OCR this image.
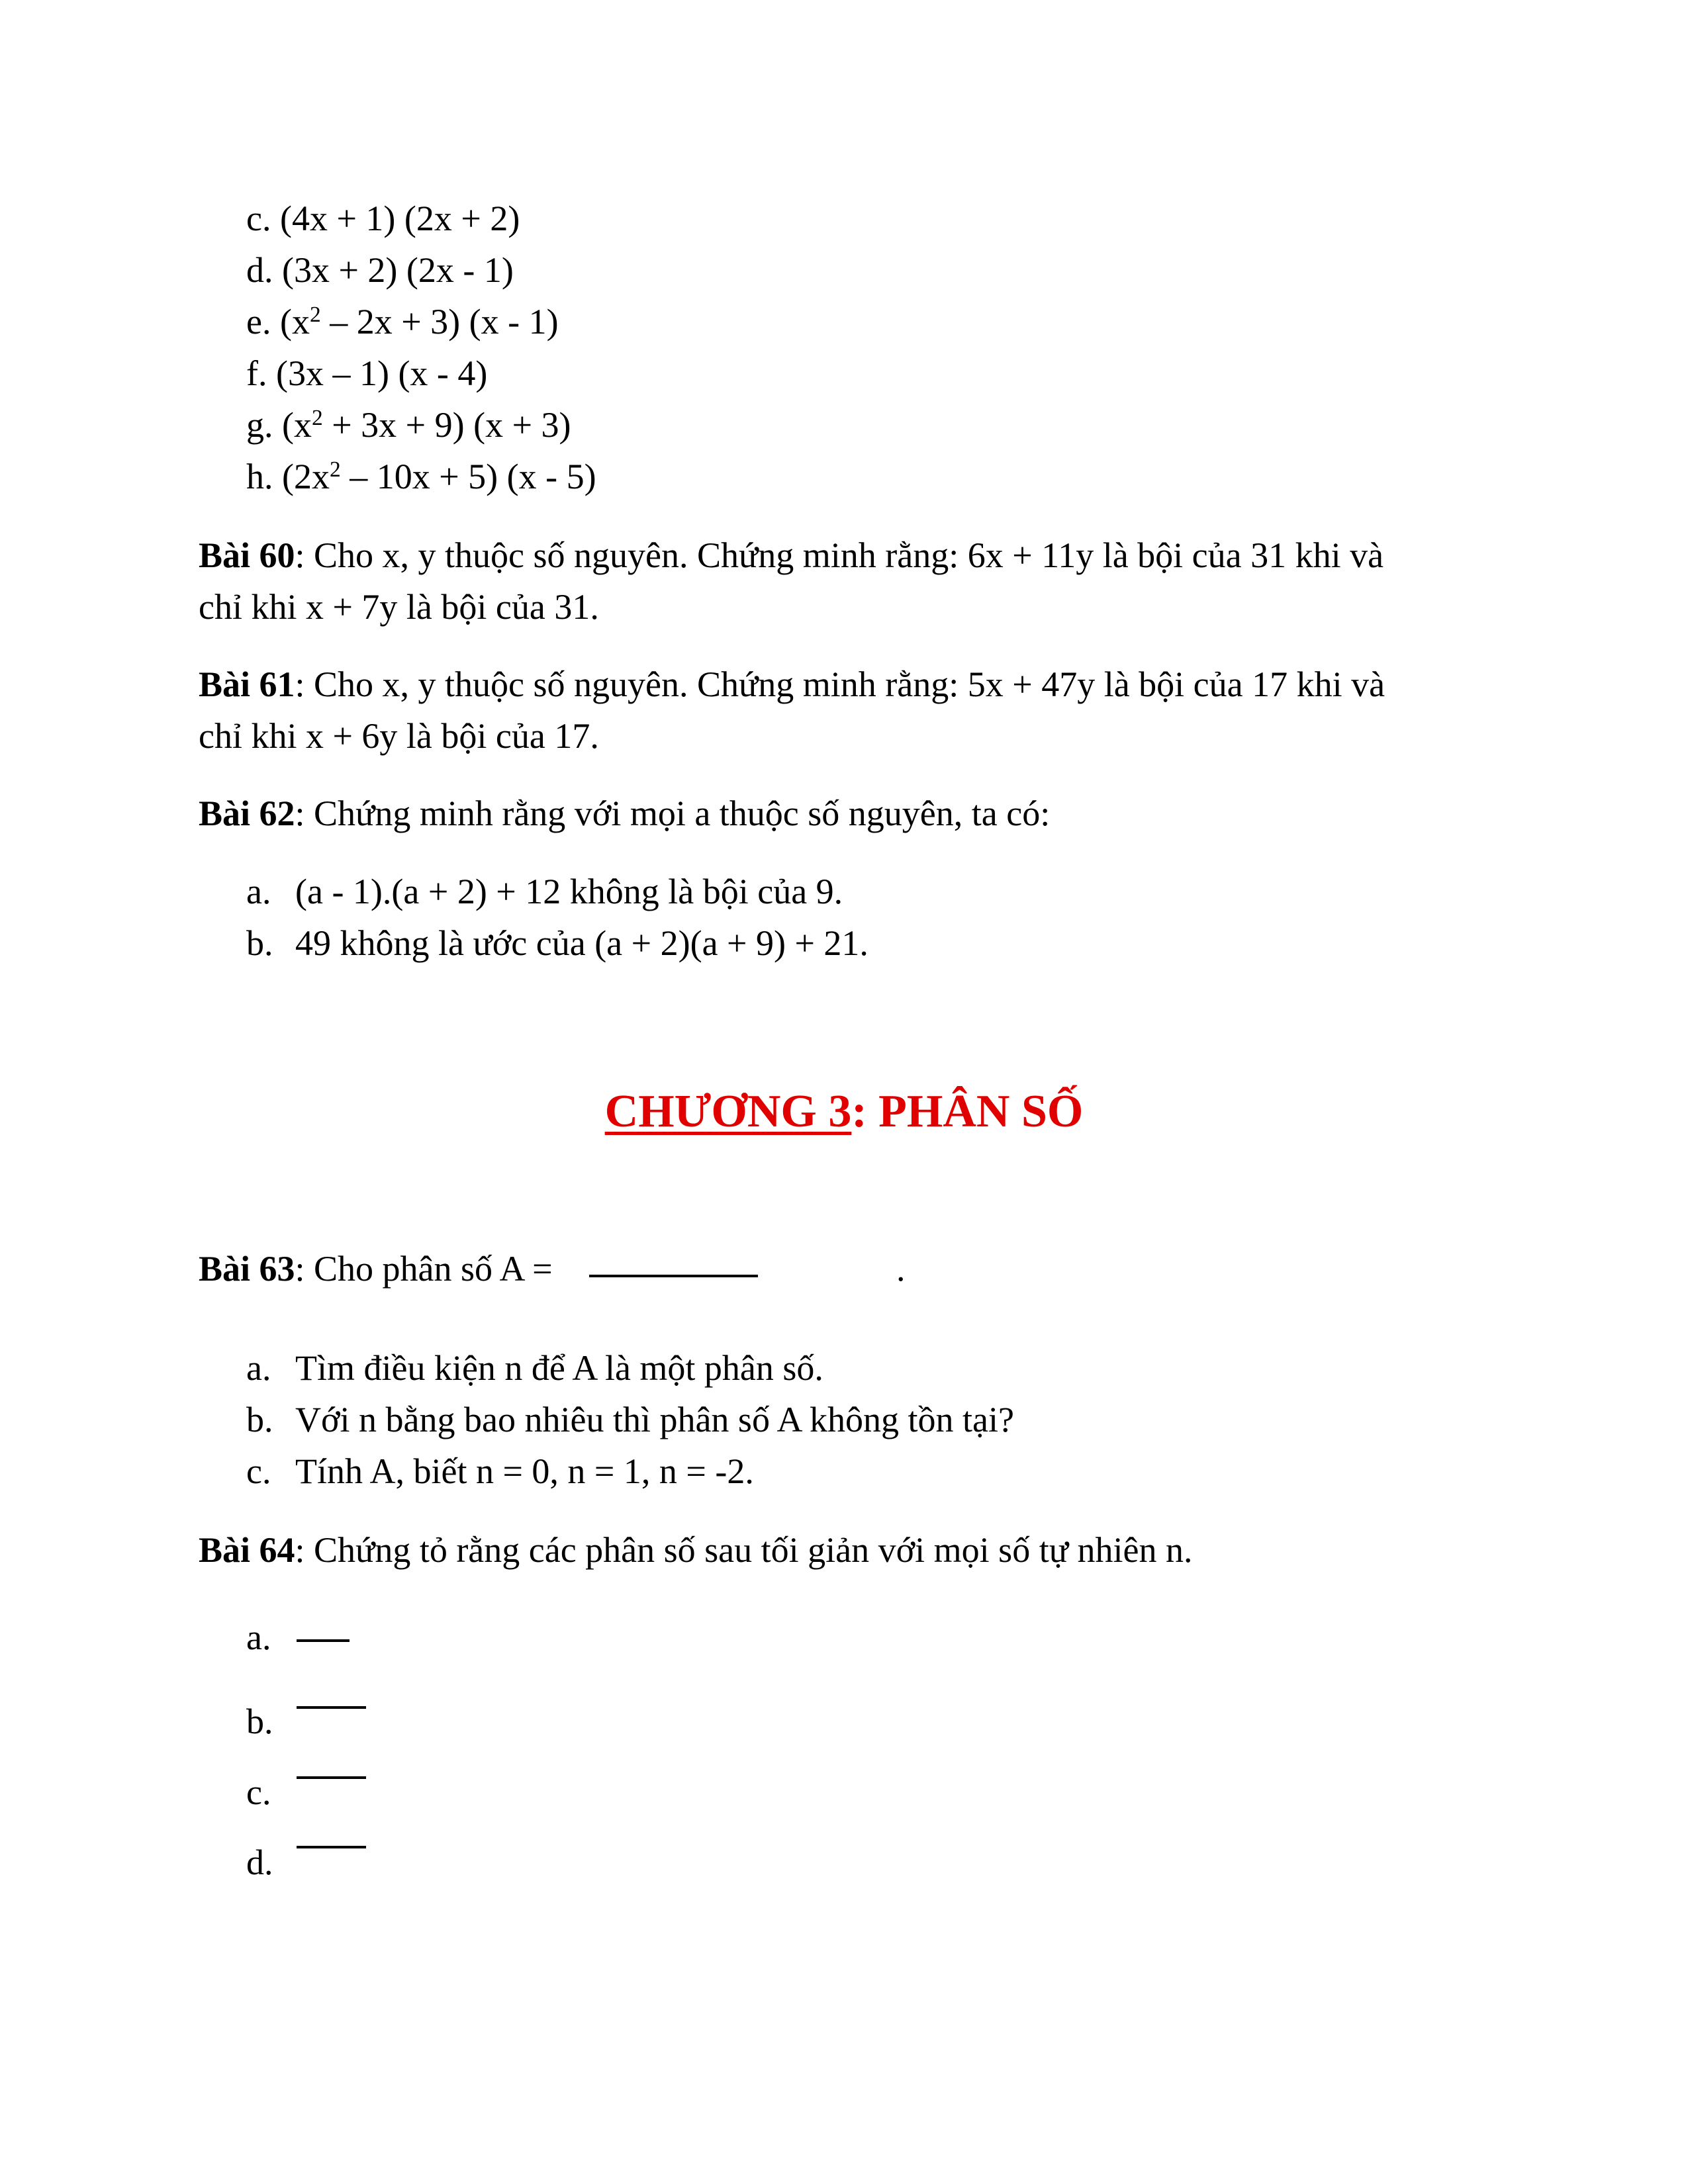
c. (4x + 1) (2x + 2)
d. (3x + 2) (2x - 1)
e. $(x^2 - 2x + 3)$ (x - 1)
f. (3x – 1) (x - 4)
g. $(x^2 + 3x + 9) (x + 3)$
h. $(2x^2 - 10x + 5)$ (x - 5)
Bài 60: Cho x, y thuộc số nguyên. Chứng minh rằng: 6x + 11y là bội của 31 khi và
chỉ khi x + 7y là bội của 31.
Bài 61: Cho x, y thuộc số nguyên. Chứng minh rằng: 5x + 47y là bội của 17 khi và
chỉ khi x + 6y là bội của 17.
Bài 62: Chứng minh rằng với mọi a thuộc số nguyên, ta có:
a. (a - 1).(a + 2) + 12 không là bội của 9.
b. 49 không là ước của (a + 2)(a + 9) + 21.
CHƯƠNG 3: PHÂN SỐ
Bài 63: Cho phân số A =	.
a. Tìm điều kiện n để A là một phân số.
b. Với n bằng bao nhiêu thì phân số A không tồn tại?
c. Tính A, biết n = 0, n = 1, n = -2.
Bài 64: Chứng tỏ rằng các phân số sau tối giản với mọi số tự nhiên n.
a.
b.
c.
d.
